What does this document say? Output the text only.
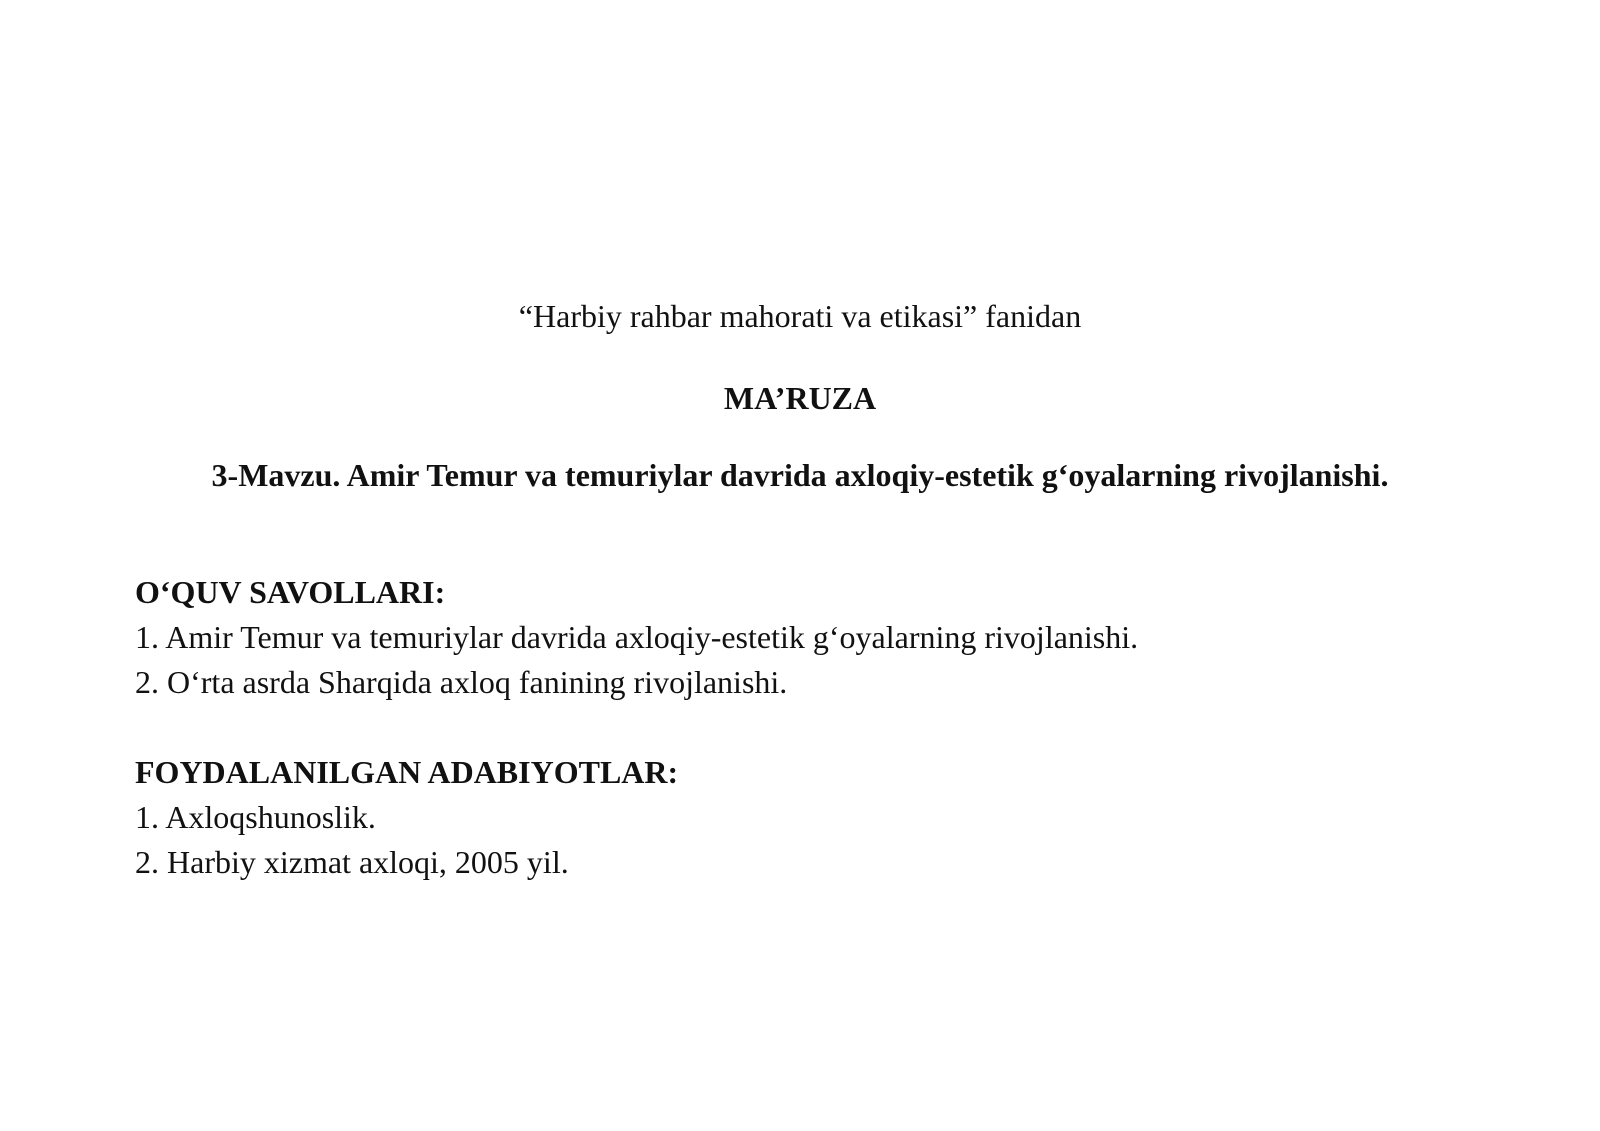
“Harbiy rahbar mahorati va etikasi” fanidan
MA’RUZA
3-Mavzu. Amir Temur va temuriylar davrida axloqiy-estetik g‘oyalarning rivojlanishi.

O‘QUV SAVOLLARI:

1. Amir Temur va temuriylar davrida axloqiy-estetik g‘oyalarning rivojlanishi.
2. O‘rta asrda Sharqida axloq fanining rivojlanishi.

FOYDALANILGAN ADABIYOTLAR:

1. Axloqshunoslik.
2. Harbiy xizmat axloqi, 2005 yil.
